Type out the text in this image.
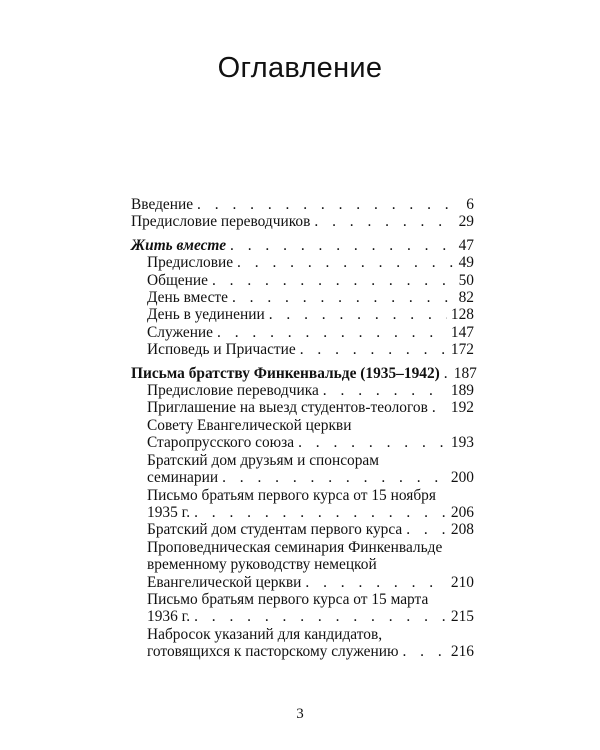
Оглавление
Введение . . .	6
Предисловие переводчиков . . .	29
Жить вместе . . .	47
Предисловие . . .	49
Общение . . .	50
День вместе . . .	82
День в уединении . . .	128
Служение . . .	147
Исповедь и Причастие . . .	172
Письма братству Финкенвальде (1935–1942) . . . 187
Предисловие переводчика . . .	189
Приглашение на выезд студентов-теологов . . . 192
Совету Евангелической церкви
Старопрусского союза . . .	193
Братский дом друзьям и спонсорам
семинарии . . .	200
Письмо братьям первого курса от 15 ноября
1935 г. . . .	206
Братский дом студентам первого курса . . .	208
Проповедническая семинария Финкенвальде
временному руководству немецкой
Евангелической церкви . . .	210
Письмо братьям первого курса от 15 марта
1936 г. . . .	215
Набросок указаний для кандидатов,
готовящихся к пасторскому служению . . .	216
3
